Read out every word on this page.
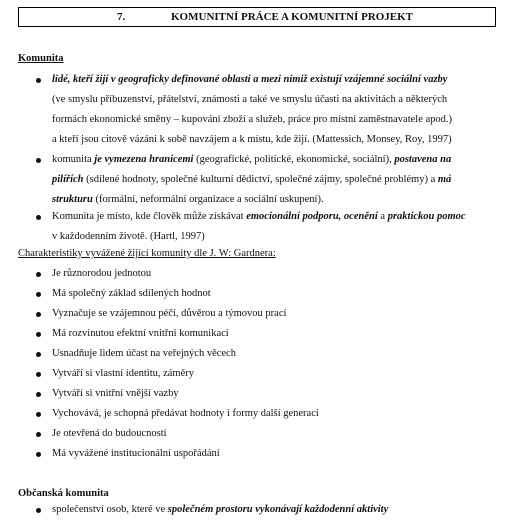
7.	KOMUNITNÍ PRÁCE A KOMUNITNÍ PROJEKT
Komunita
lidé, kteří žijí v geograficky definované oblasti a mezi nimiž existují vzájemné sociální vazby
(ve smyslu příbuzenství, přátelství, známosti a také ve smyslu účasti na aktivitách a některých
formách ekonomické směny – kupování zboží a služeb, práce pro místní zaměstnavatele apod.)
a kteří jsou citově vázáni k sobě navzájem a k místu, kde žijí. (Mattessich, Monsey, Roy, 1997)
komunita je vymezena hranicemi (geografické, politické, ekonomické, sociální), postavena na
pilířích (sdílené hodnoty, společné kulturní dědictví, společné zájmy, společné problémy) a má
strukturu (formální, neformální organizace a sociální uskupení).
Komunita je místo, kde člověk může získávat emocionální podporu, ocenění a praktickou pomoc
v každodenním životě. (Hartl, 1997)
Charakteristiky vyvážené žijící komunity dle J. W: Gardnera:
Je různorodou jednotou
Má společný základ sdílených hodnot
Vyznačuje se vzájemnou péčí, důvěrou a týmovou prací
Má rozvinutou efektní vnitřní komunikaci
Usnadňuje lidem účast na veřejných věcech
Vytváří si vlastní identitu, záměry
Vytváří si vnitřní vnější vazby
Vychovává, je schopná předávat hodnoty i formy další generaci
Je otevřená do budoucnosti
Má vyvážené institucionální uspořádání
Občanská komunita
společenství osob, které ve společném prostoru vykonávají každodenní aktivity
